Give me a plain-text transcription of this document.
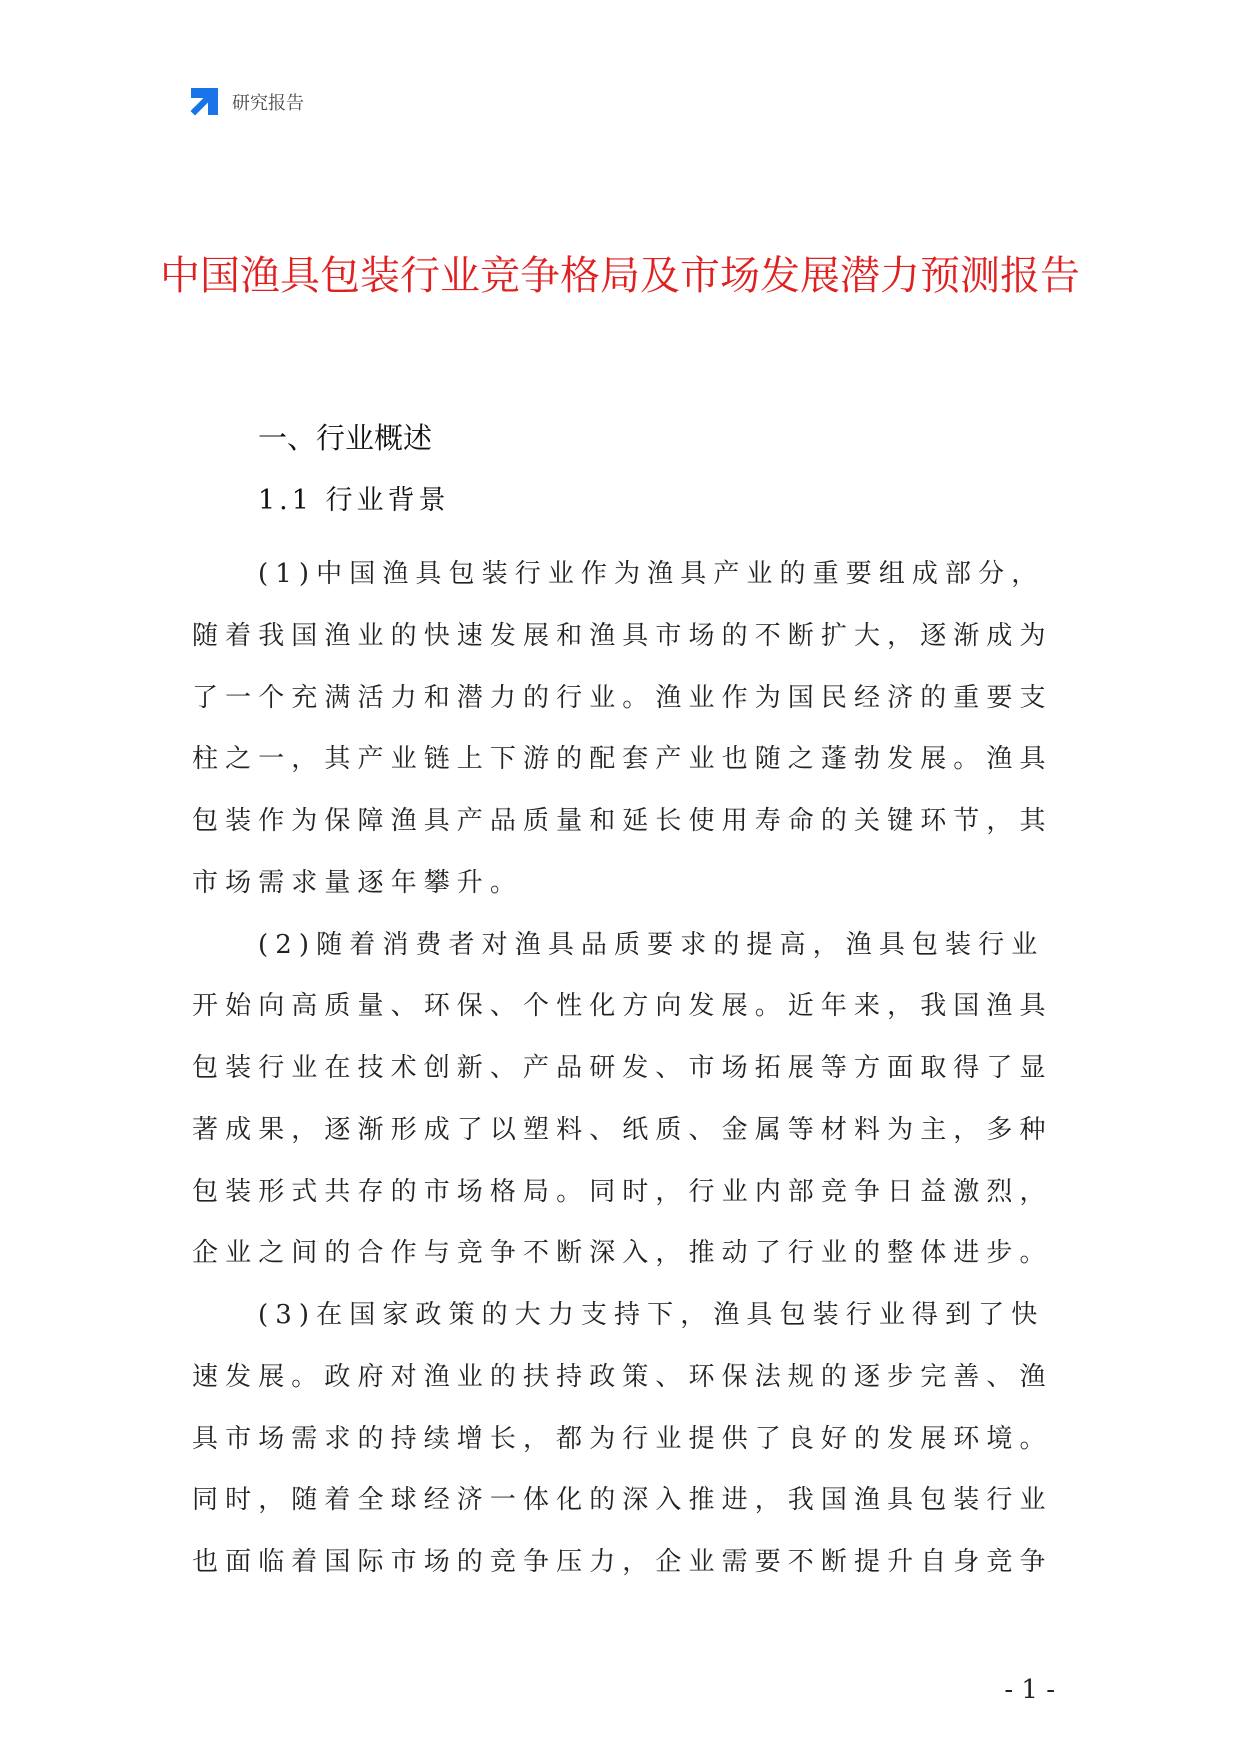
研究报告
中国渔具包装行业竞争格局及市场发展潜力预测报告
一、行业概述
1.1 行业背景

(1)中国渔具包装行业作为渔具产业的重要组成部分，随着我国渔业的快速发展和渔具市场的不断扩大，逐渐成为了一个充满活力和潜力的行业。渔业作为国民经济的重要支柱之一，其产业链上下游的配套产业也随之蓬勃发展。渔具包装作为保障渔具产品质量和延长使用寿命的关键环节，其市场需求量逐年攀升。

(2)随着消费者对渔具品质要求的提高，渔具包装行业开始向高质量、环保、个性化方向发展。近年来，我国渔具包装行业在技术创新、产品研发、市场拓展等方面取得了显著成果，逐渐形成了以塑料、纸质、金属等材料为主，多种包装形式共存的市场格局。同时，行业内部竞争日益激烈，企业之间的合作与竞争不断深入，推动了行业的整体进步。

(3)在国家政策的大力支持下，渔具包装行业得到了快速发展。政府对渔业的扶持政策、环保法规的逐步完善、渔具市场需求的持续增长，都为行业提供了良好的发展环境。同时，随着全球经济一体化的深入推进，我国渔具包装行业也面临着国际市场的竞争压力，企业需要不断提升自身竞争

- 1 -
